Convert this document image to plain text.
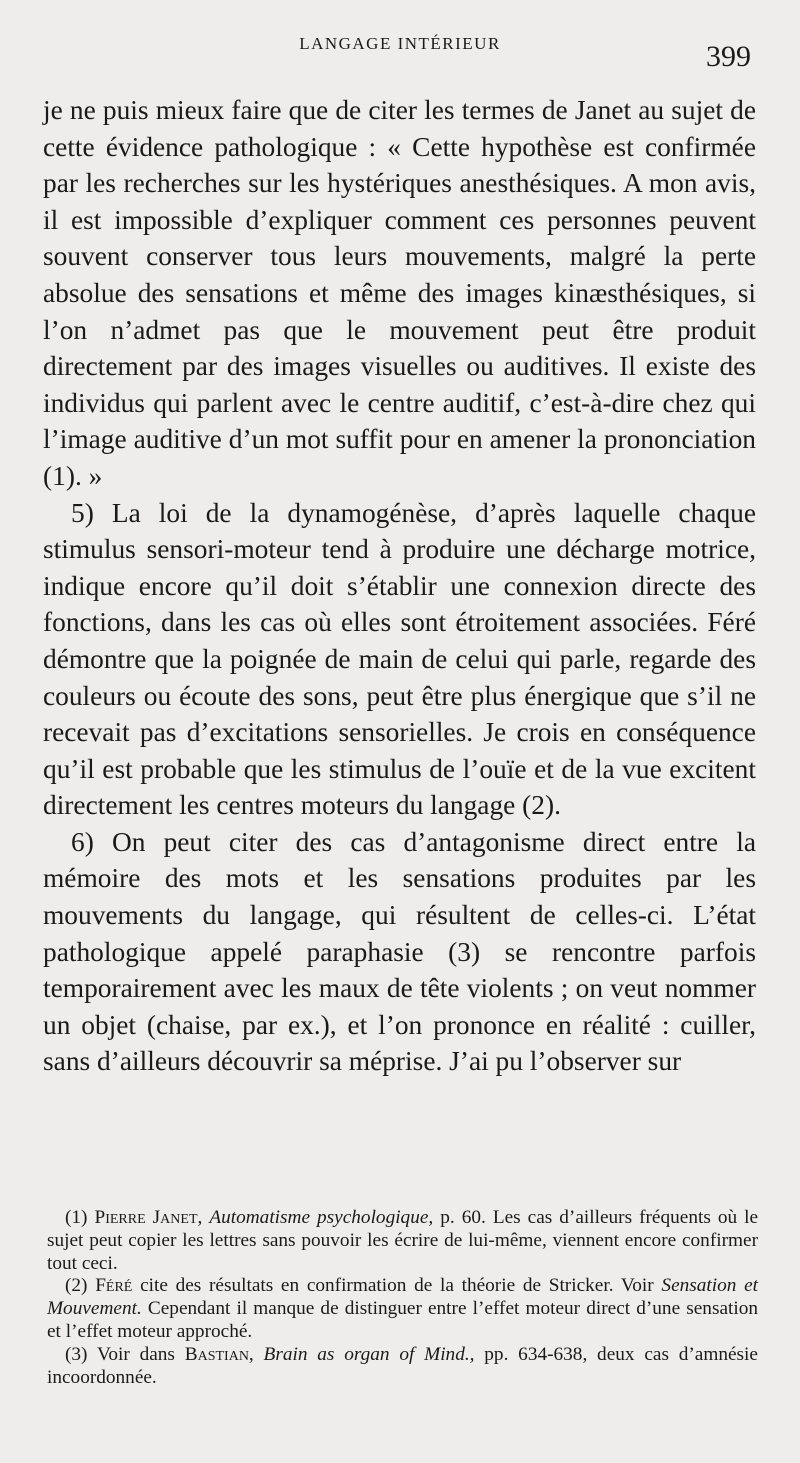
LANGAGE INTÉRIEUR	399

je ne puis mieux faire que de citer les termes de Janet au sujet de cette évidence pathologique : « Cette hypothèse est confirmée par les recherches sur les hystériques anesthésiques. A mon avis, il est impossible d’expliquer comment ces personnes peuvent souvent conserver tous leurs mouvements, malgré la perte absolue des sensations et même des images kinæsthésiques, si l’on n’admet pas que le mouvement peut être produit directement par des images visuelles ou auditives. Il existe des individus qui parlent avec le centre auditif, c’est-à-dire chez qui l’image auditive d’un mot suffit pour en amener la prononciation (1). »

5) La loi de la dynamogénèse, d’après laquelle chaque stimulus sensori-moteur tend à produire une décharge motrice, indique encore qu’il doit s’établir une connexion directe des fonctions, dans les cas où elles sont étroitement associées. Féré démontre que la poignée de main de celui qui parle, regarde des couleurs ou écoute des sons, peut être plus énergique que s’il ne recevait pas d’excitations sensorielles. Je crois en conséquence qu’il est probable que les stimulus de l’ouïe et de la vue excitent directement les centres moteurs du langage (2).

6) On peut citer des cas d’antagonisme direct entre la mémoire des mots et les sensations produites par les mouvements du langage, qui résultent de celles-ci. L’état pathologique appelé paraphasie (3) se rencontre parfois temporairement avec les maux de tête violents ; on veut nommer un objet (chaise, par ex.), et l’on prononce en réalité : cuiller, sans d’ailleurs découvrir sa méprise. J’ai pu l’observer sur

(1) Pierre Janet, Automatisme psychologique, p. 60. Les cas d’ailleurs fréquents où le sujet peut copier les lettres sans pouvoir les écrire de lui-même, viennent encore confirmer tout ceci.

(2) Féré cite des résultats en confirmation de la théorie de Stricker. Voir Sensation et Mouvement. Cependant il manque de distinguer entre l’effet moteur direct d’une sensation et l’effet moteur approché.

(3) Voir dans Bastian, Brain as organ of Mind., pp. 634-638, deux cas d’amnésie incoordonnée.
